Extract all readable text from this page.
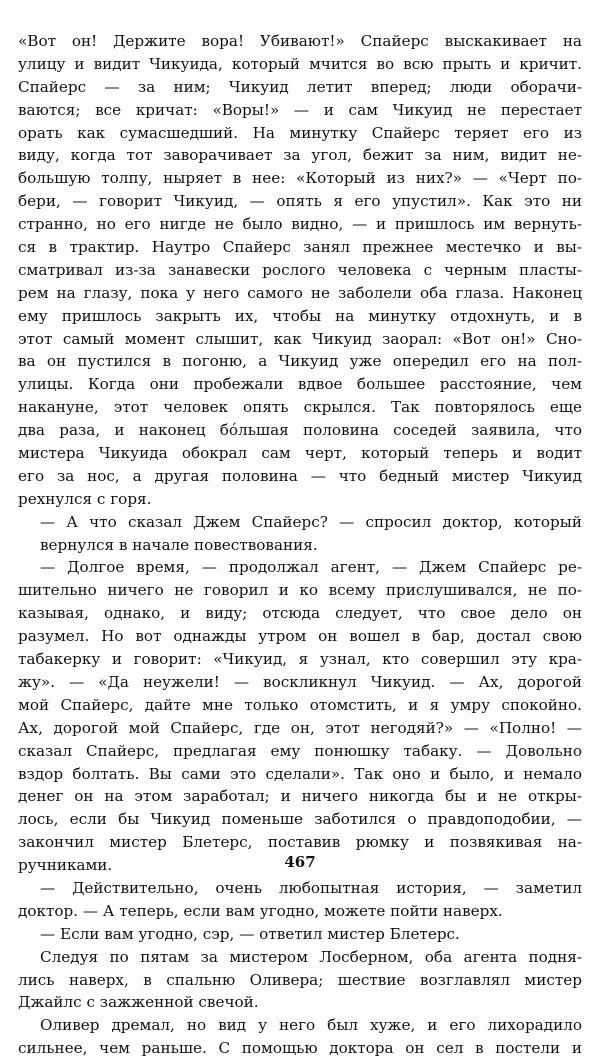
«Вот он! Держите вора! Убивают!» Спайерс выскакивает на
улицу и видит Чикуида, который мчится во всю прыть и кричит.
Спайерс — за ним; Чикуид летит вперед; люди оборачи-
ваются; все кричат: «Воры!» — и сам Чикуид не перестает
орать как сумасшедший. На минутку Спайерс теряет его из
виду, когда тот заворачивает за угол, бежит за ним, видит не-
большую толпу, ныряет в нее: «Который из них?» — «Черт по-
бери, — говорит Чикуид, — опять я его упустил». Как это ни
странно, но его нигде не было видно, — и пришлось им вернуть-
ся в трактир. Наутро Спайерс занял прежнее местечко и вы-
сматривал из-за занавески рослого человека с черным пласты-
рем на глазу, пока у него самого не заболели оба глаза. Наконец
ему пришлось закрыть их, чтобы на минутку отдохнуть, и в
этот самый момент слышит, как Чикуид заорал: «Вот он!» Сно-
ва он пустился в погоню, а Чикуид уже опередил его на пол-
улицы. Когда они пробежали вдвое большее расстояние, чем
накануне, этот человек опять скрылся. Так повторялось еще
два раза, и наконец бо́льшая половина соседей заявила, что
мистера Чикуида обокрал сам черт, который теперь и водит
его за нос, а другая половина — что бедный мистер Чикуид
рехнулся с горя.
— А что сказал Джем Спайерс? — спросил доктор, который
вернулся в начале повествования.
— Долгое время, — продолжал агент, — Джем Спайерс ре-
шительно ничего не говорил и ко всему прислушивался, не по-
казывая, однако, и виду; отсюда следует, что свое дело он
разумел. Но вот однажды утром он вошел в бар, достал свою
табакерку и говорит: «Чикуид, я узнал, кто совершил эту кра-
жу». — «Да неужели! — воскликнул Чикуид. — Ах, дорогой
мой Спайерс, дайте мне только отомстить, и я умру спокойно.
Ах, дорогой мой Спайерс, где он, этот негодяй?» — «Полно! —
сказал Спайерс, предлагая ему понюшку табаку. — Довольно
вздор болтать. Вы сами это сделали». Так оно и было, и немало
денег он на этом заработал; и ничего никогда бы и не откры-
лось, если бы Чикуид поменьше заботился о правдоподобии, —
закончил мистер Блетерс, поставив рюмку и позвякивая на-
ручниками.
— Действительно, очень любопытная история, — заметил
доктор. — А теперь, если вам угодно, можете пойти наверх.
— Если вам угодно, сэр, — ответил мистер Блетерс.
Следуя по пятам за мистером Лосберном, оба агента подня-
лись наверх, в спальню Оливера; шествие возглавлял мистер
Джайлс с зажженной свечой.
Оливер дремал, но вид у него был хуже, и его лихорадило
сильнее, чем раньше. С помощью доктора он сел в постели и
467
